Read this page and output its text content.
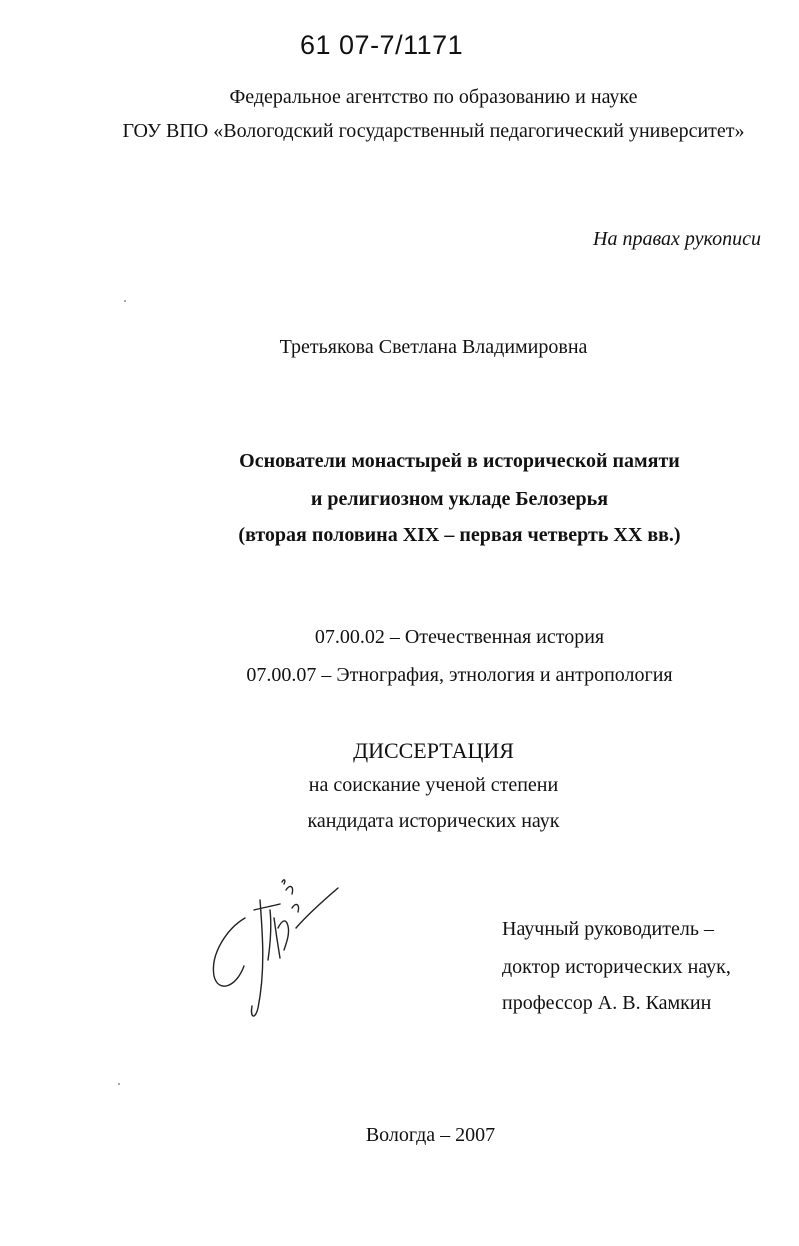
61 07-7/1171
Федеральное агентство по образованию и науке
ГОУ ВПО «Вологодский государственный педагогический университет»
На правах рукописи
Третьякова Светлана Владимировна
Основатели монастырей в исторической памяти
и религиозном укладе Белозерья
(вторая половина XIX – первая четверть XX вв.)
07.00.02 – Отечественная история
07.00.07 – Этнография, этнология и антропология
ДИССЕРТАЦИЯ
на соискание ученой степени
кандидата исторических наук
Научный руководитель –
доктор исторических наук,
профессор А. В. Камкин
Вологда – 2007
